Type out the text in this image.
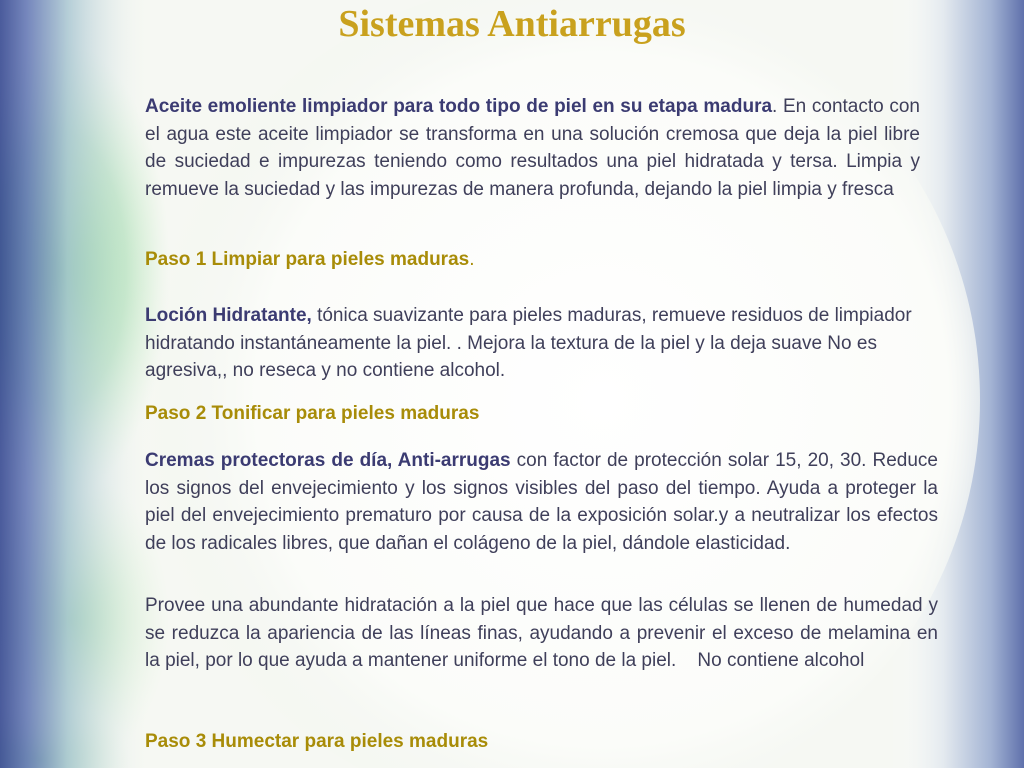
Sistemas Antiarrugas

Aceite emoliente limpiador para todo tipo de piel en su etapa madura. En contacto con el agua este aceite limpiador se transforma en una solución cremosa que deja la piel libre de suciedad e impurezas teniendo como resultados una piel hidratada y tersa. Limpia y remueve la suciedad y las impurezas de manera profunda, dejando la piel limpia y fresca

Paso 1 Limpiar para pieles maduras.

Loción Hidratante, tónica suavizante para pieles maduras, remueve residuos de limpiador hidratando instantáneamente la piel. . Mejora la textura de la piel y la deja suave No es agresiva,, no reseca y no contiene alcohol.

Paso 2 Tonificar para pieles maduras

Cremas protectoras de día, Anti-arrugas con factor de protección solar 15, 20, 30. Reduce los signos del envejecimiento y los signos visibles del paso del tiempo. Ayuda a proteger la piel del envejecimiento prematuro por causa de la exposición solar.y a neutralizar los efectos de los radicales libres, que dañan el colágeno de la piel, dándole elasticidad.

Provee una abundante hidratación a la piel que hace que las células se llenen de humedad y se reduzca la apariencia de las líneas finas, ayudando a prevenir el exceso de melamina en la piel, por lo que ayuda a mantener uniforme el tono de la piel.    No contiene alcohol

Paso 3 Humectar para pieles maduras
